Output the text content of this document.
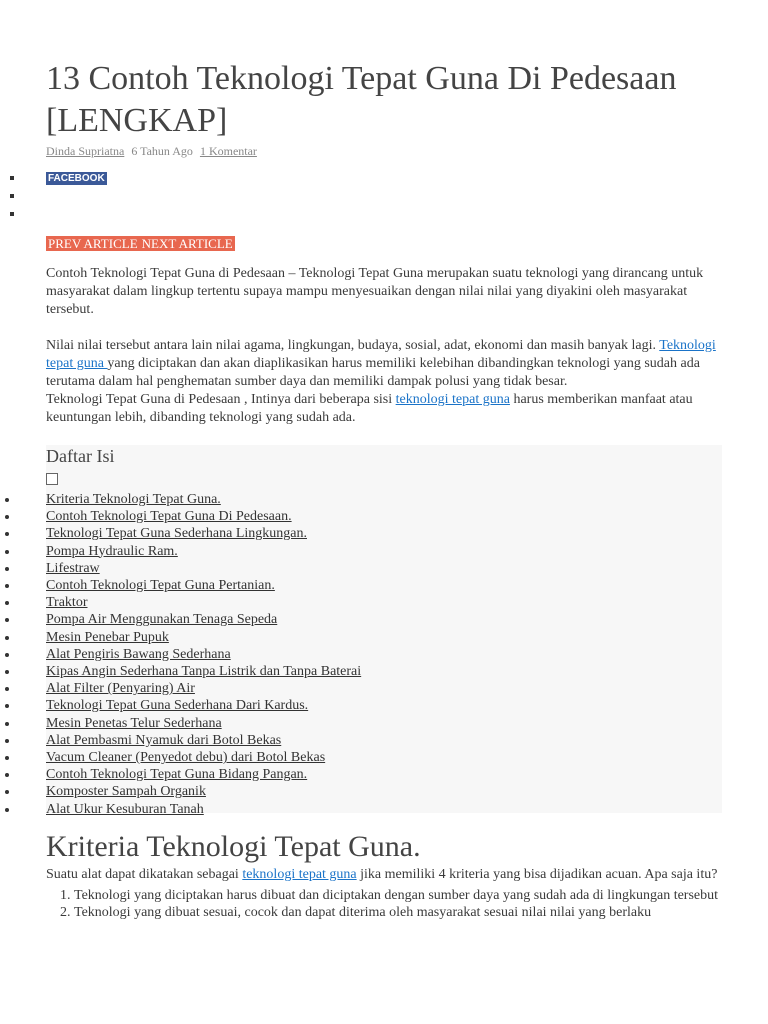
13 Contoh Teknologi Tepat Guna Di Pedesaan [LENGKAP]
Dinda Supriatna 6 Tahun Ago 1 Komentar
FACEBOOK
PREV ARTICLE NEXT ARTICLE

Contoh Teknologi Tepat Guna di Pedesaan – Teknologi Tepat Guna merupakan suatu teknologi yang dirancang untuk masyarakat dalam lingkup tertentu supaya mampu menyesuaikan dengan nilai nilai yang diyakini oleh masyarakat tersebut.

Nilai nilai tersebut antara lain nilai agama, lingkungan, budaya, sosial, adat, ekonomi dan masih banyak lagi. Teknologi tepat guna yang diciptakan dan akan diaplikasikan harus memiliki kelebihan dibandingkan teknologi yang sudah ada terutama dalam hal penghematan sumber daya dan memiliki dampak polusi yang tidak besar.

Teknologi Tepat Guna di Pedesaan , Intinya dari beberapa sisi teknologi tepat guna harus memberikan manfaat atau keuntungan lebih, dibanding teknologi yang sudah ada.

Daftar Isi
Kriteria Teknologi Tepat Guna.
Contoh Teknologi Tepat Guna Di Pedesaan.
Teknologi Tepat Guna Sederhana Lingkungan.
Pompa Hydraulic Ram.
Lifestraw
Contoh Teknologi Tepat Guna Pertanian.
Traktor
Pompa Air Menggunakan Tenaga Sepeda
Mesin Penebar Pupuk
Alat Pengiris Bawang Sederhana
Kipas Angin Sederhana Tanpa Listrik dan Tanpa Baterai
Alat Filter (Penyaring) Air
Teknologi Tepat Guna Sederhana Dari Kardus.
Mesin Penetas Telur Sederhana
Alat Pembasmi Nyamuk dari Botol Bekas
Vacum Cleaner (Penyedot debu) dari Botol Bekas
Contoh Teknologi Tepat Guna Bidang Pangan.
Komposter Sampah Organik
Alat Ukur Kesuburan Tanah
Kriteria Teknologi Tepat Guna.

Suatu alat dapat dikatakan sebagai teknologi tepat guna jika memiliki 4 kriteria yang bisa dijadikan acuan. Apa saja itu?

1. Teknologi yang diciptakan harus dibuat dan diciptakan dengan sumber daya yang sudah ada di lingkungan tersebut
2. Teknologi yang dibuat sesuai, cocok dan dapat diterima oleh masyarakat sesuai nilai nilai yang berlaku
